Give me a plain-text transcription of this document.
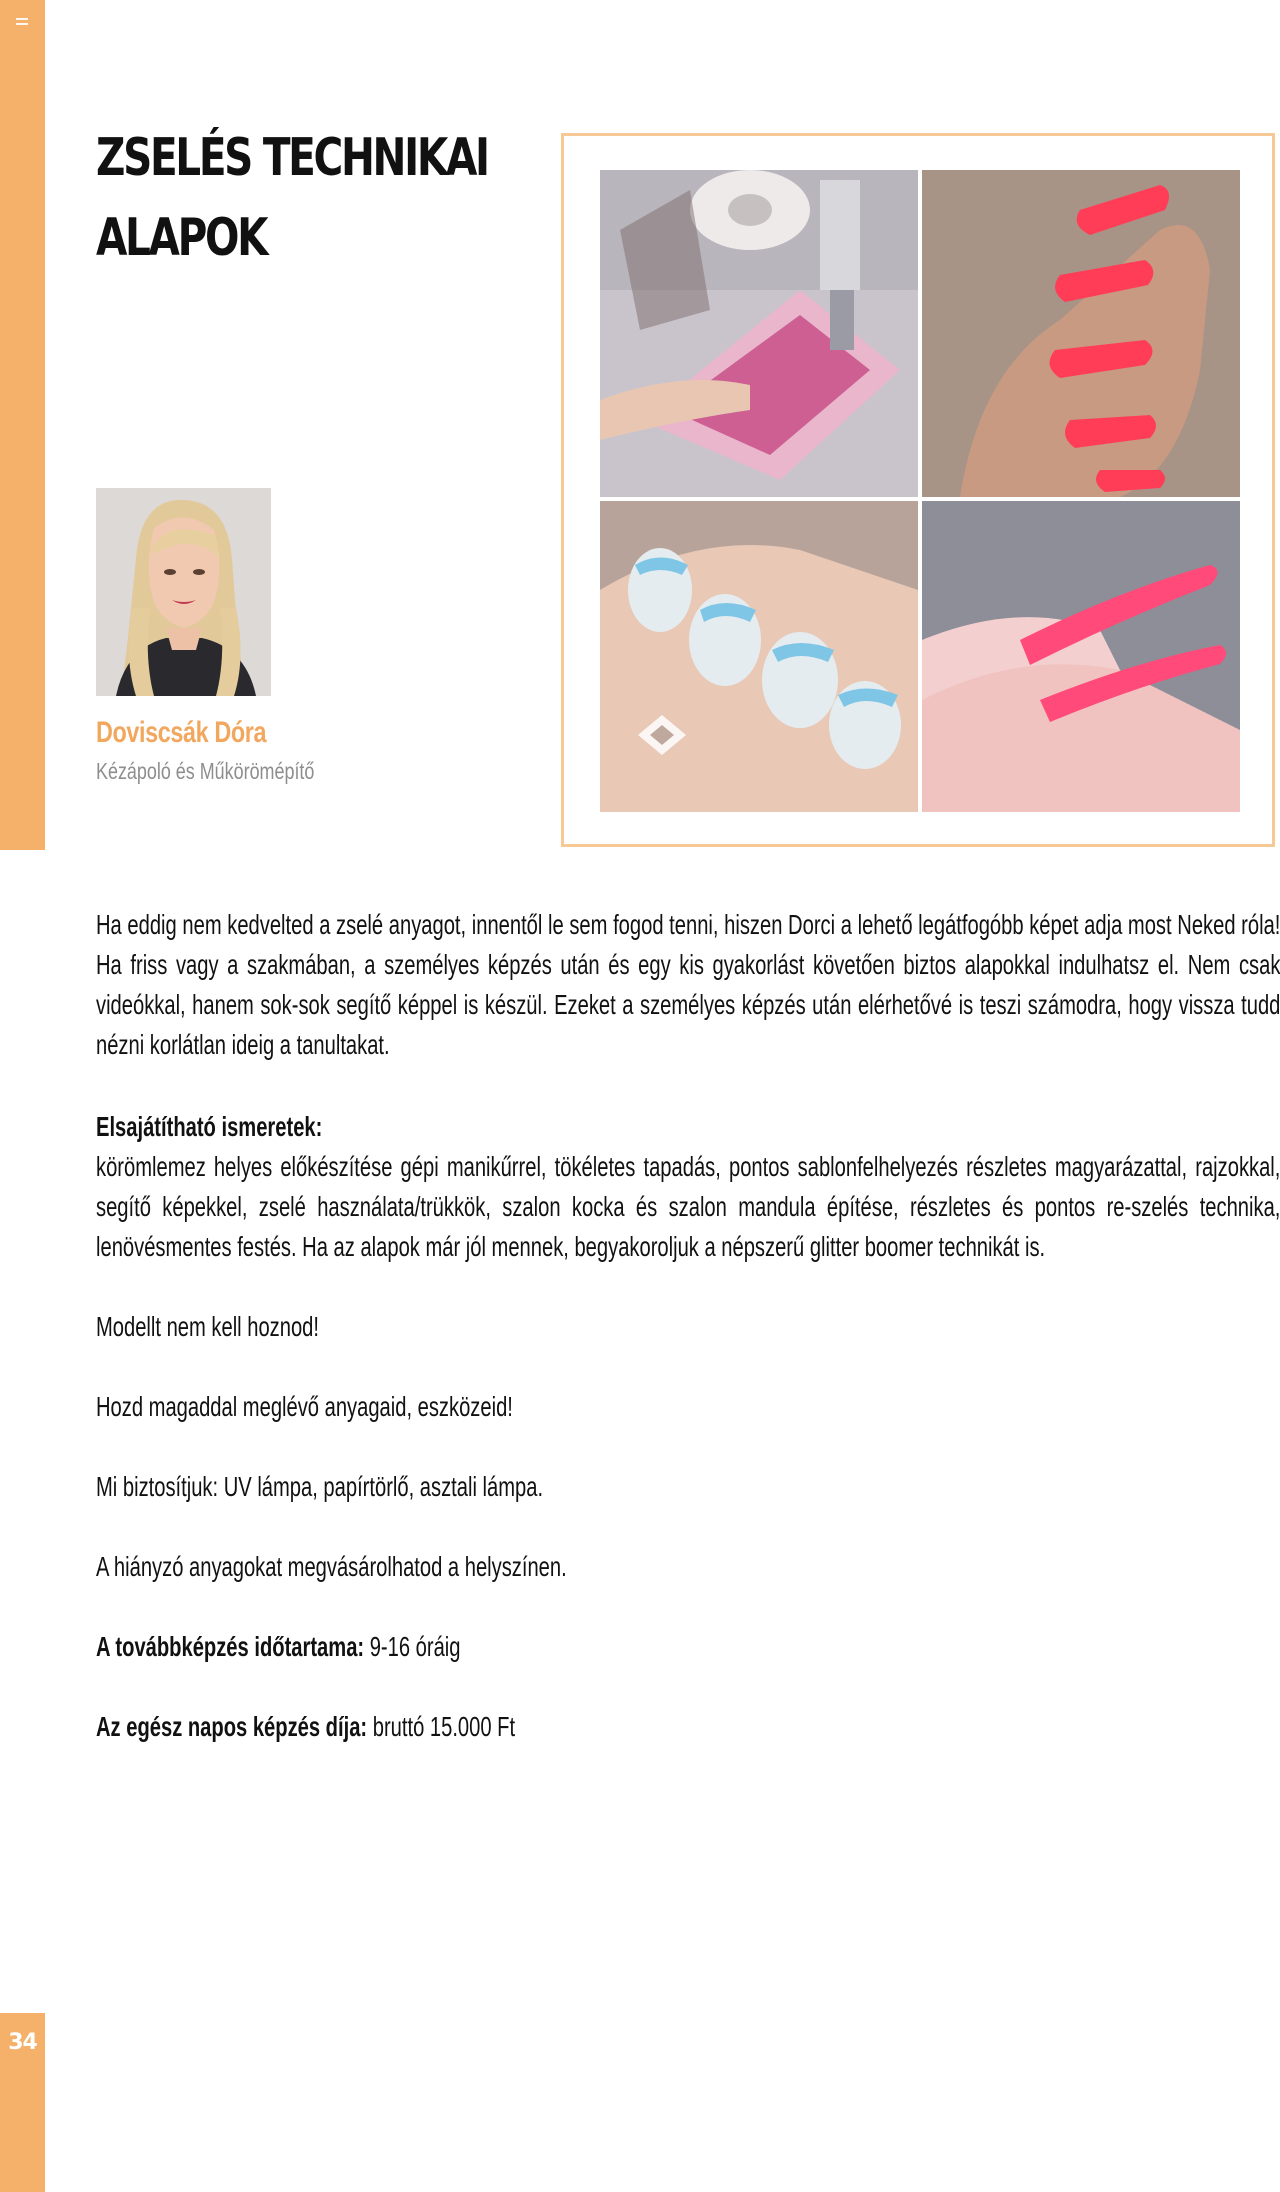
34
ZSELÉS TECHNIKAI
ALAPOK
Doviscsák Dóra
Kézápoló és Műkörömépítő

Ha eddig nem kedvelted a zselé anyagot, innentől le sem fogod tenni, hiszen Dorci a lehető legátfogóbb képet adja most Neked róla! Ha friss vagy a szakmában, a személyes képzés után és egy kis gyakorlást követően biztos alapokkal indulhatsz el. Nem csak videókkal, hanem sok-sok segítő képpel is készül. Ezeket a személyes képzés után elérhetővé is teszi számodra, hogy vissza tudd nézni korlátlan ideig a tanultakat.

Elsajátítható ismeretek:

körömlemez helyes előkészítése gépi manikűrrel, tökéletes tapadás, pontos sablonfelhelyezés részletes magyarázattal, rajzokkal, segítő képekkel, zselé használata/trükkök, szalon kocka és szalon mandula építése, részletes és pontos re-szelés technika, lenövésmentes festés. Ha az alapok már jól mennek, begyakoroljuk a népszerű glitter boomer technikát is.

Modellt nem kell hoznod!

Hozd magaddal meglévő anyagaid, eszközeid!

Mi biztosítjuk: UV lámpa, papírtörlő, asztali lámpa.

A hiányzó anyagokat megvásárolhatod a helyszínen.

A továbbképzés időtartama: 9-16 óráig

Az egész napos képzés díja: bruttó 15.000 Ft
